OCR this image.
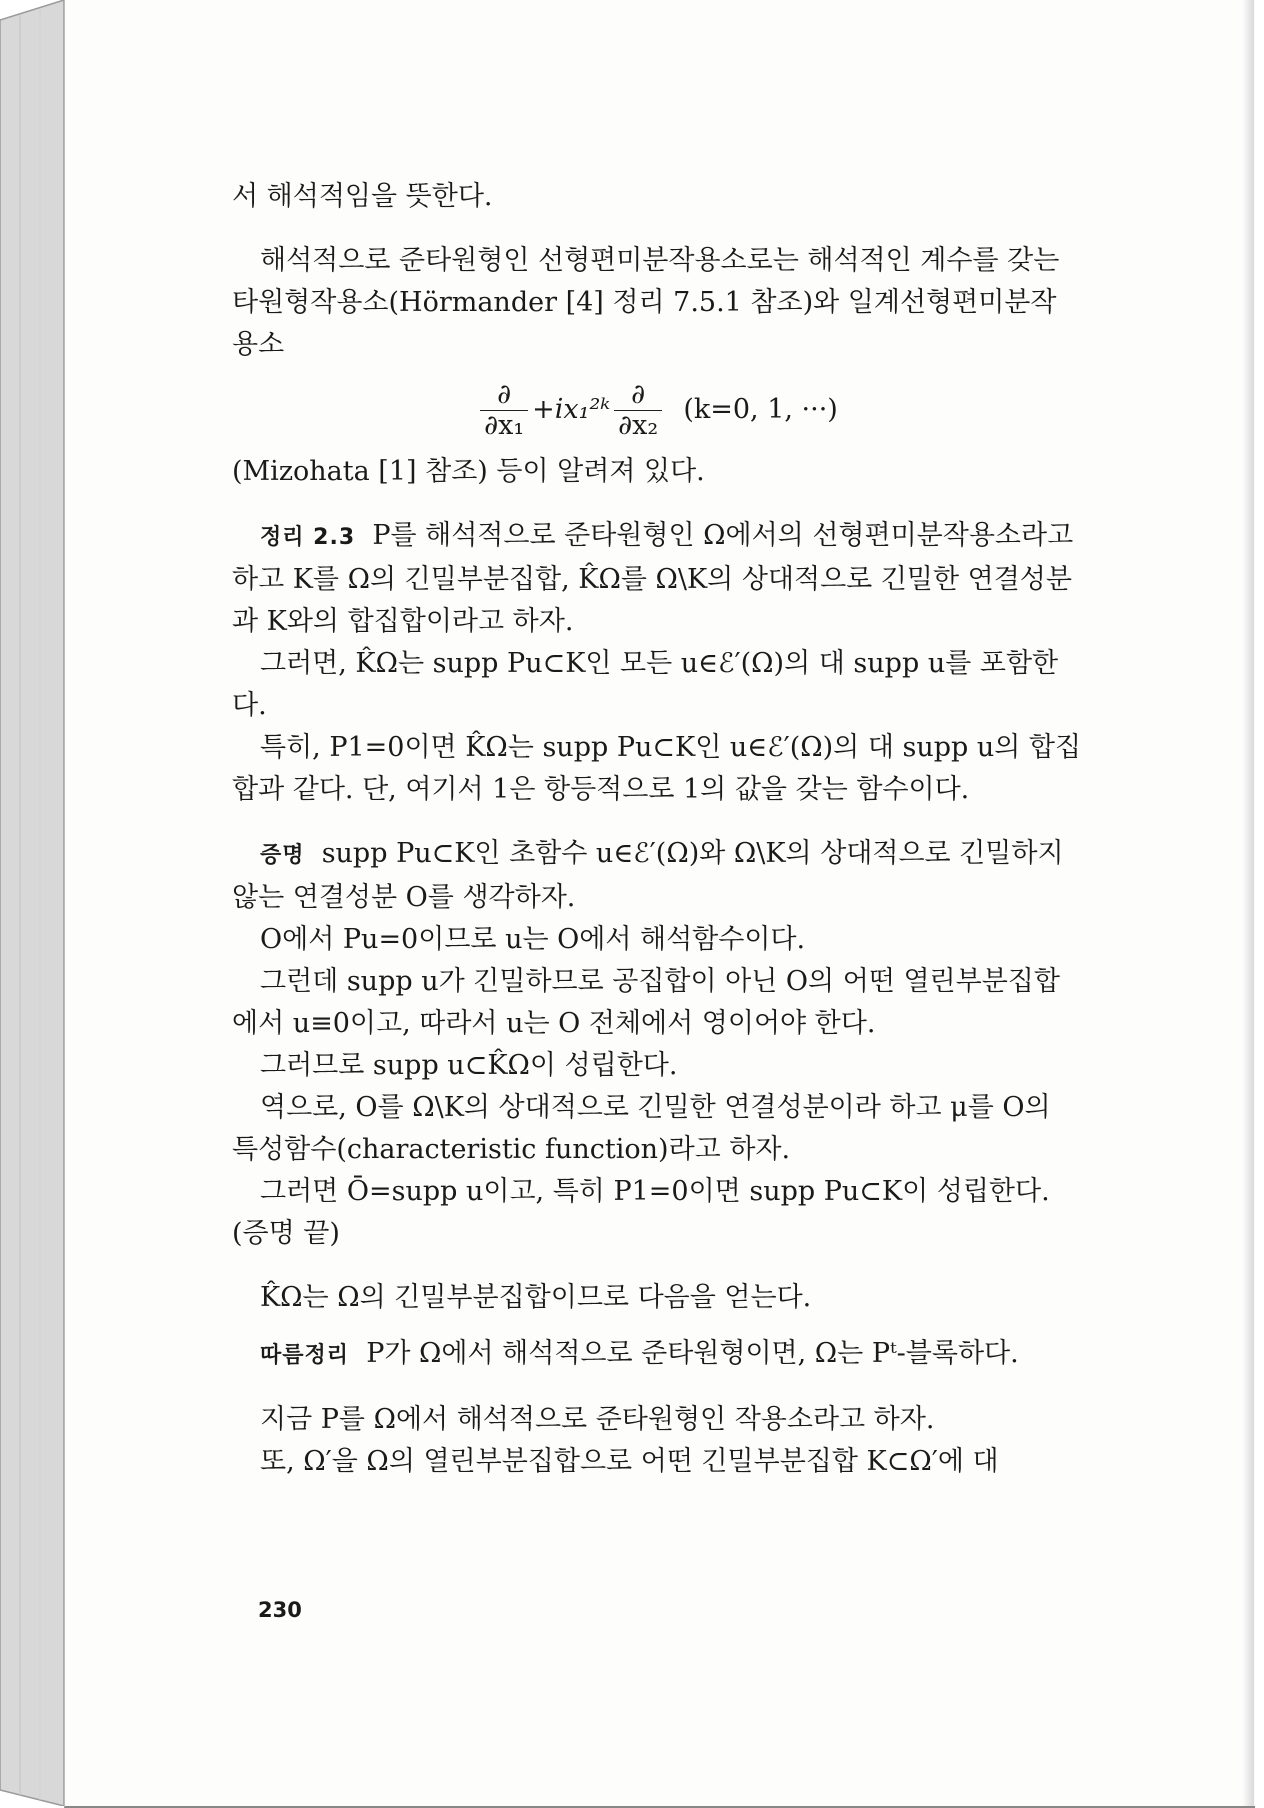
서 해석적임을 뜻한다.

해석적으로 준타원형인 선형편미분작용소로는 해석적인 계수를 갖는 타원형작용소(Hörmander [4] 정리 7.5.1 참조)와 일계선형편미분작용소

$\frac{\partial}{\text{∂x₁}}$ +ix₁²ᵏ $\frac{\partial}{\text{∂x₂}} (k=0$, 1, ···)

(Mizohata [1] 참조) 등이 알려져 있다.

정리 2.3 P를 해석적으로 준타원형인 Ω에서의 선형편미분작용소라고 하고 K를 Ω의 긴밀부분집합, K̂Ω를 Ω\K의 상대적으로 긴밀한 연결성분과 K와의 합집합이라고 하자.

그러면, K̂Ω는 supp Pu⊂K인 모든 u∈ℰ′(Ω)의 대 supp u를 포함한다.

특히, P1=0이면 K̂Ω는 supp Pu⊂K인 u∈ℰ′(Ω)의 대 supp u의 합집합과 같다. 단, 여기서 1은 항등적으로 1의 값을 갖는 함수이다.

증명 supp Pu⊂K인 초함수 u∈ℰ′(Ω)와 Ω\K의 상대적으로 긴밀하지 않는 연결성분 O를 생각하자.

O에서 Pu=0이므로 u는 O에서 해석함수이다.

그런데 supp u가 긴밀하므로 공집합이 아닌 O의 어떤 열린부분집합에서 u≡0이고, 따라서 u는 O 전체에서 영이어야 한다.

그러므로 supp u⊂K̂Ω이 성립한다.

역으로, O를 Ω\K의 상대적으로 긴밀한 연결성분이라 하고 μ를 O의 특성함수(characteristic function)라고 하자.

그러면 Ō=supp u이고, 특히 P1=0이면 supp Pu⊂K이 성립한다.

(증명 끝)

K̂Ω는 Ω의 긴밀부분집합이므로 다음을 얻는다.

따름정리 P가 Ω에서 해석적으로 준타원형이면, Ω는 Pᵗ-블록하다.

지금 P를 Ω에서 해석적으로 준타원형인 작용소라고 하자.

또, Ω′을 Ω의 열린부분집합으로 어떤 긴밀부분집합 K⊂Ω′에 대

230
